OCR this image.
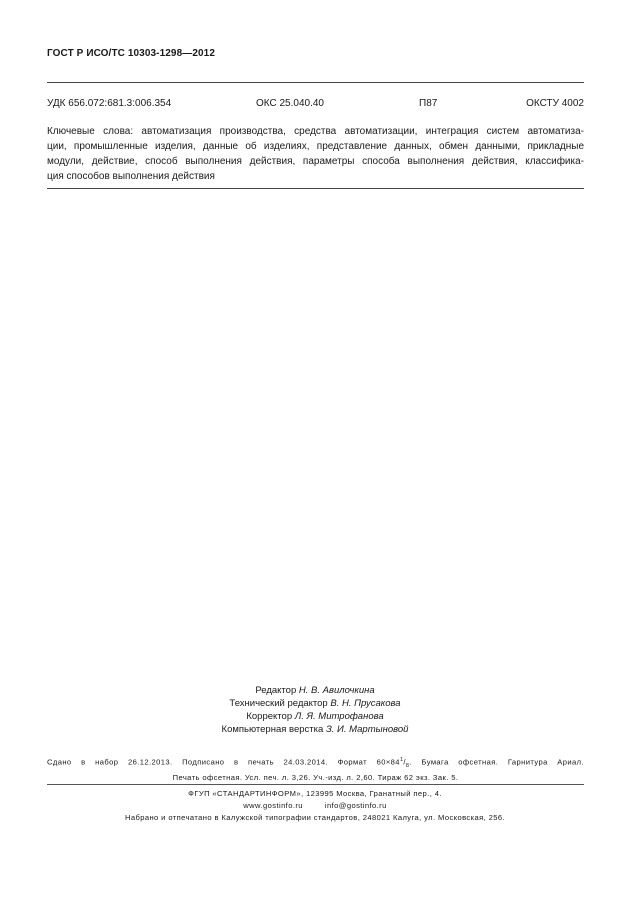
ГОСТ Р ИСО/ТС 10303-1298—2012
УДК 656.072:681.3:006.354	ОКС 25.040.40	П87	ОКСТУ 4002
Ключевые слова: автоматизация производства, средства автоматизации, интеграция систем автоматиза-
ции, промышленные изделия, данные об изделиях, представление данных, обмен данными, прикладные
модули, действие, способ выполнения действия, параметры способа выполнения действия, классифика-
ция способов выполнения действия
Редактор Н. В. Авилочкина
Технический редактор В. Н. Прусакова
Корректор Л. Я. Митрофанова
Компьютерная верстка З. И. Мартыновой
Сдано в набор 26.12.2013. Подписано в печать 24.03.2014. Формат $60\times 84^1/_8$. Бумага офсетная. Гарнитура Ариал.
Печать офсетная. Усл. печ. л. 3,26. Уч.-изд. л. 2,60. Тираж 62 экз. Зак. 5.
ФГУП «СТАНДАРТИНФОРМ», 123995 Москва, Гранатный пер., 4.
www.gostinfo.ru	info@gostinfo.ru
Набрано и отпечатано в Калужской типографии стандартов, 248021 Калуга, ул. Московская, 256.
